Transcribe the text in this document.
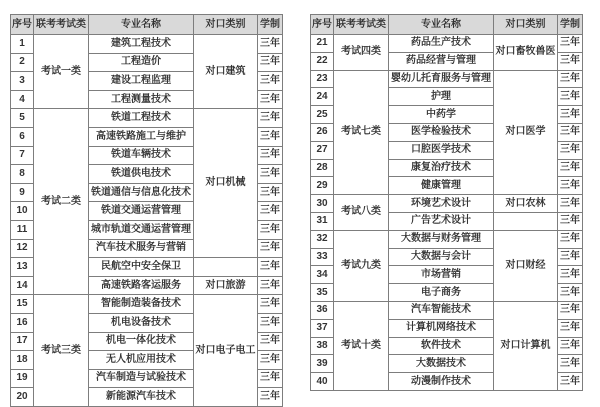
序号	联考考试类	专业名称	对口类别	学制
1	考试一类	建筑工程技术	对口建筑	三年
2		工程造价		三年
3		建设工程监理		三年
4		工程测量技术		三年
5	考试二类	铁道工程技术	对口机械	三年
6		高速铁路施工与维护		三年
7		铁道车辆技术		三年
8		铁道供电技术		三年
9		铁道通信与信息化技术		三年
10		铁道交通运营管理		三年
11		城市轨道交通运营管理		三年
12		汽车技术服务与营销		三年
13		民航空中安全保卫		三年
14		高速铁路客运服务	对口旅游	三年
15	考试三类	智能制造装备技术	对口电子电工	三年
16		机电设备技术		三年
17		机电一体化技术		三年
18		无人机应用技术		三年
19		汽车制造与试验技术		三年
20		新能源汽车技术		三年
序号	联考考试类	专业名称	对口类别	学制
21	考试四类	药品生产技术	对口畜牧兽医	三年
22		药品经营与管理		三年
23	考试七类	婴幼儿托育服务与管理	对口医学	三年
24		护理		三年
25		中药学		三年
26		医学检验技术		三年
27		口腔医学技术		三年
28		康复治疗技术		三年
29		健康管理		三年
30	考试八类	环境艺术设计	对口农林	三年
31		广告艺术设计		三年
32	考试九类	大数据与财务管理	对口财经	三年
33		大数据与会计		三年
34		市场营销		三年
35		电子商务		三年
36	考试十类	汽车智能技术	对口计算机	三年
37		计算机网络技术		三年
38		软件技术		三年
39		大数据技术		三年
40		动漫制作技术		三年
